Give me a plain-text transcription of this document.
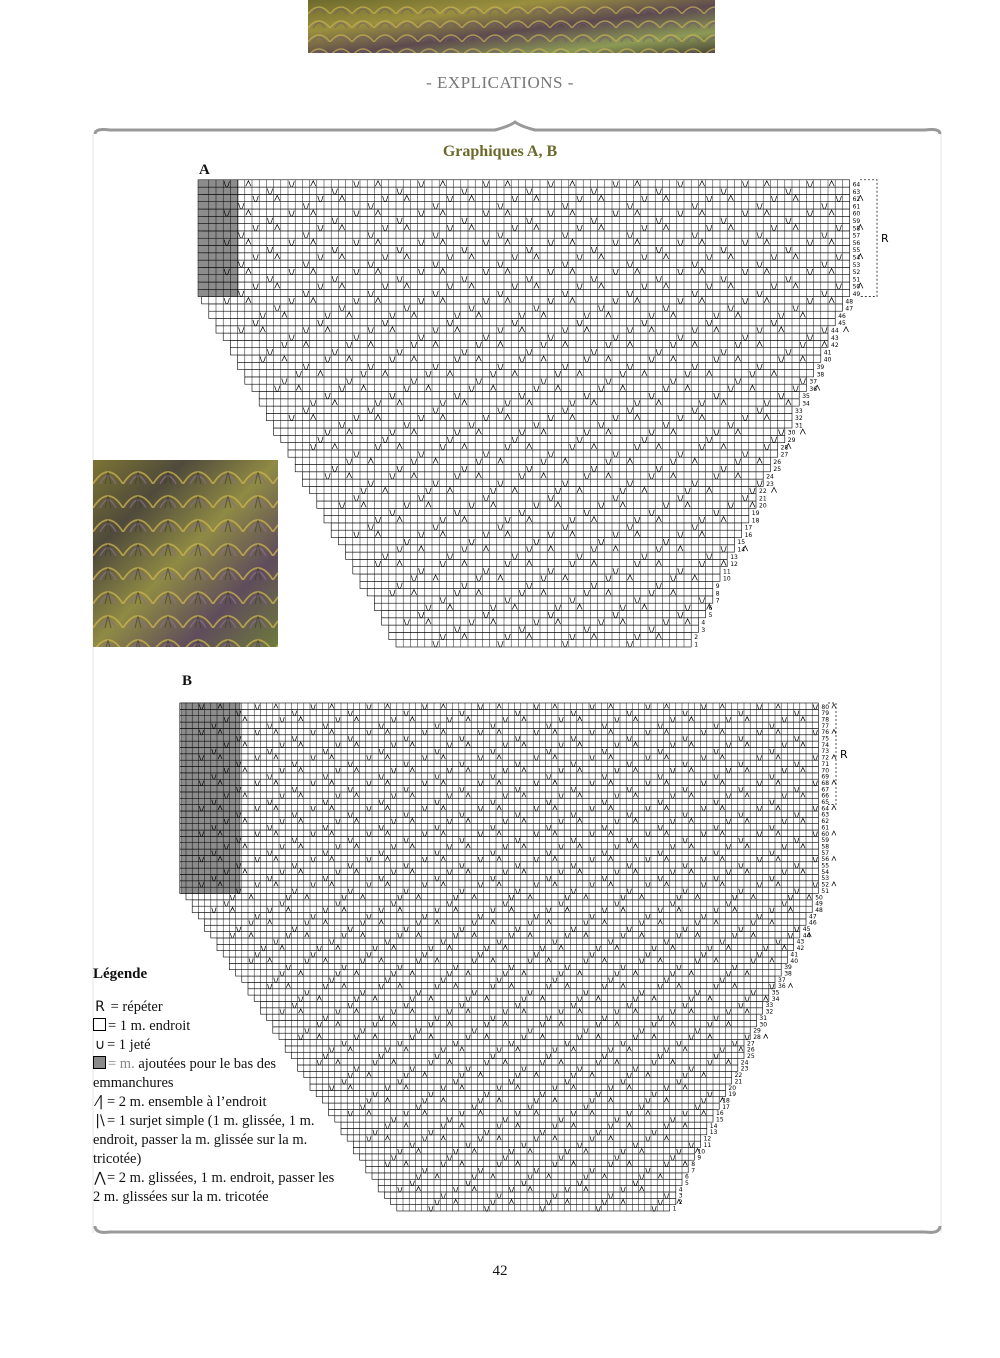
- EXPLICATIONS -
Graphiques A, B
A
B
1
2
3
4
5
6
7
8
9
10
11
12
13
14
15
16
17
18
19
20
21
22
23
24
25
26
27
28
29
30
31
32
33
34
35
36
37
38
39
40
41
42
43
44
45
46
47
48
49
50
51
52
53
54
55
56
57
58
59
60
61
62
63
64
R
1
2
3
4
5
6
7
8
9
10
11
12
13
14
15
16
17
18
19
20
21
22
23
24
25
26
27
28
29
30
31
32
33
34
35
36
37
38
39
40
41
42
43
44
45
46
47
48
49
50
51
52
53
54
55
56
57
58
59
60
61
62
63
64
65
66
67
68
69
70
71
72
73
74
75
76
77
78
79
80
R
Légende

R = répéter

= 1 m. endroit

∪ = 1 jeté

= m. ajoutées pour le bas des emmanchures

⁄| = 2 m. ensemble à l’endroit

|\ = 1 surjet simple (1 m. glissée, 1 m. endroit, passer la m. glissée sur la m. tricotée)

⋀= 2 m. glissées, 1 m. endroit, passer les 2 m. glissées sur la m. tricotée

42
